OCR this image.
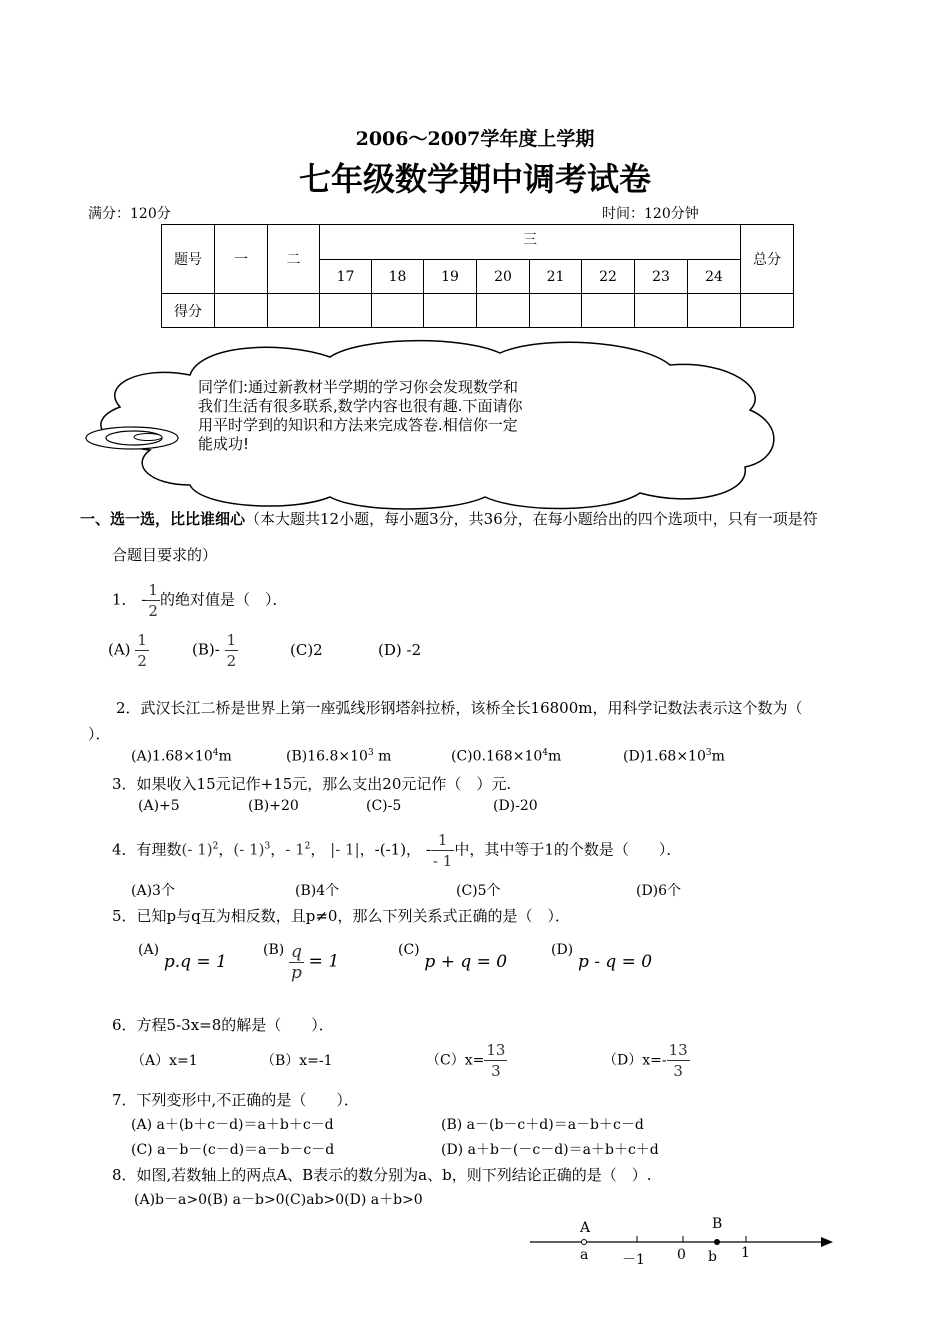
2006～2007学年度上学期
七年级数学期中调考试卷
满分：120分	时间：120分钟
题号	一	二	三								总分
			17	18	19	20	21	22	23	24	
得分											
同学们:通过新教材半学期的学习你会发现数学和
我们生活有很多联系,数学内容也很有趣.下面请你
用平时学到的知识和方法来完成答卷.相信你一定
能成功!
一、选一选，比比谁细心（本大题共12小题，每小题3分，共36分，在每小题给出的四个选项中，只有一项是符
合题目要求的）
1． - $\frac{1}{2}$ 的绝对值是（　）．
$(A) \frac{1}{2}$	$(B)- \frac{1}{2}$	(C)2	(D) -2
2．武汉长江二桥是世界上第一座弧线形钢塔斜拉桥，该桥全长16800m，用科学记数法表示这个数为（
）．
$(A)1.68\times 10^4m$	$(B)16.8\times 10^3$ m	$(C)0.168\times 10^4m$	$(D)1.68\times 10^3m$
3．如果收入15元记作+15元，那么支出20元记作（　）元.
(A)+5	(B)+20	(C)-5	(D)-20
4．有理数(- 1)$^2$，(- 1)$^3$，- $1^2$， |- 1|，-(-1)， - $\frac{1}{- 1}$ 中，其中等于1的个数是（　　）．
(A)3个	(B)4个	(C)5个	(D)6个
5．已知p与q互为相反数，且p≠0，那么下列关系式正确的是（　）．
(A) p.q = 1
$(B) \frac{q}{p} = 1$
(C) p + q = 0
(D) p - q = 0
6．方程5-3x=8的解是（　　）．
（A）x=1	（B）x=-1	$(C)x= \frac{13}{3}$	$(D)x=- \frac{13}{3}$
7．下列变形中,不正确的是（　　）．
(A) a＋(b＋c－d)＝a＋b＋c－d	(B) a－(b－c＋d)＝a－b＋c－d
(C) a－b－(c－d)＝a－b－c－d	(D) a＋b－(－c－d)＝a＋b＋c＋d
8．如图,若数轴上的两点A、B表示的数分别为a、b，则下列结论正确的是（　）.
(A)b－a>0(B) a－b>0(C)ab>0(D) a＋b>0
A	B
a －1 0 b 1
